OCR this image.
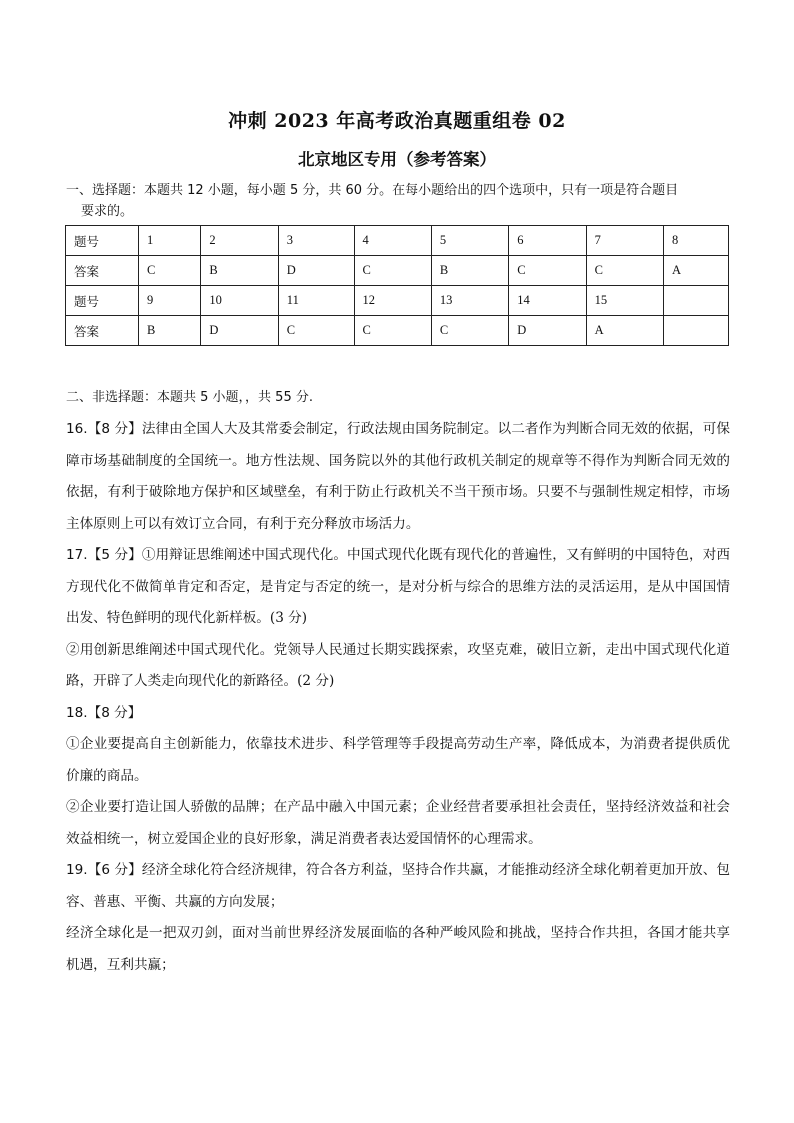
冲刺 2023 年高考政治真题重组卷 02
北京地区专用（参考答案）
一、选择题：本题共 12 小题，每小题 5 分，共 60 分。在每小题给出的四个选项中，只有一项是符合题目
要求的。
题号	1	2	3	4	5	6	7	8
答案	C	B	D	C	B	C	C	A
题号	9	10	11	12	13	14	15	
答案	B	D	C	C	C	D	A	
二、非选择题：本题共 5 小题，，共 55 分.

16.【8 分】法律由全国人大及其常委会制定，行政法规由国务院制定。以二者作为判断合同无效的依据，可保障市场基础制度的全国统一。地方性法规、国务院以外的其他行政机关制定的规章等不得作为判断合同无效的依据，有利于破除地方保护和区域壁垒，有利于防止行政机关不当干预市场。只要不与强制性规定相悖，市场主体原则上可以有效订立合同，有利于充分释放市场活力。

17.【5 分】①用辩证思维阐述中国式现代化。中国式现代化既有现代化的普遍性，又有鲜明的中国特色，对西方现代化不做简单肯定和否定，是肯定与否定的统一，是对分析与综合的思维方法的灵活运用，是从中国国情出发、特色鲜明的现代化新样板。(3 分)

②用创新思维阐述中国式现代化。党领导人民通过长期实践探索，攻坚克难，破旧立新，走出中国式现代化道路，开辟了人类走向现代化的新路径。(2 分)

18.【8 分】

①企业要提高自主创新能力，依靠技术进步、科学管理等手段提高劳动生产率，降低成本，为消费者提供质优价廉的商品。

②企业要打造让国人骄傲的品牌；在产品中融入中国元素；企业经营者要承担社会责任，坚持经济效益和社会效益相统一，树立爱国企业的良好形象，满足消费者表达爱国情怀的心理需求。

19.【6 分】经济全球化符合经济规律，符合各方利益，坚持合作共赢，才能推动经济全球化朝着更加开放、包容、普惠、平衡、共赢的方向发展；

经济全球化是一把双刃剑，面对当前世界经济发展面临的各种严峻风险和挑战，坚持合作共担，各国才能共享机遇，互利共赢；
